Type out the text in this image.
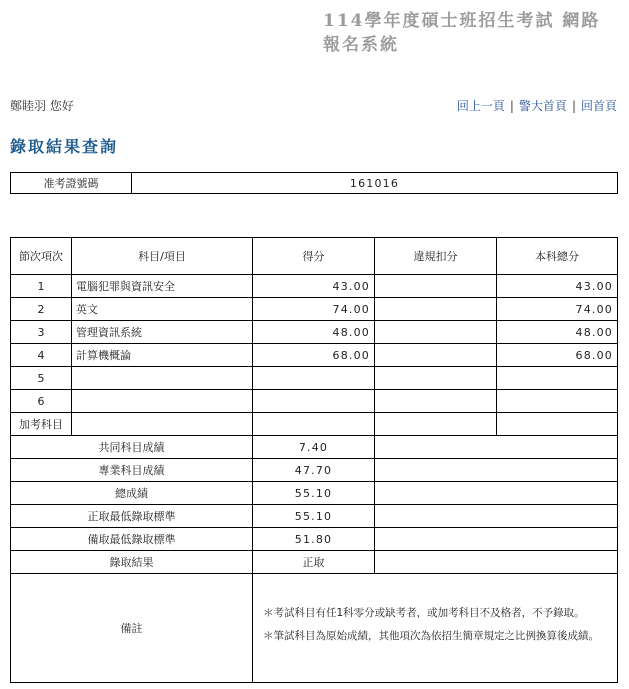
114學年度碩士班招生考試 網路報名系統
鄭睦羽 您好	回上一頁 | 警大首頁 | 回首頁
錄取結果查詢
准考證號碼	161016
節次項次	科目/項目	得分	違規扣分	本科總分
1	電腦犯罪與資訊安全	43.00		43.00
2	英文	74.00		74.00
3	管理資訊系統	48.00		48.00
4	計算機概論	68.00		68.00
5				
6				
加考科目				
共同科目成績		7.40		
專業科目成績		47.70		
總成績		55.10		
正取最低錄取標準		55.10		
備取最低錄取標準		51.80		
錄取結果		正取		
備註		＊考試科目有任1科零分或缺考者，或加考科目不及格者，不予錄取。

＊筆試科目為原始成績，其他項次為依招生簡章規定之比例換算後成績。		
